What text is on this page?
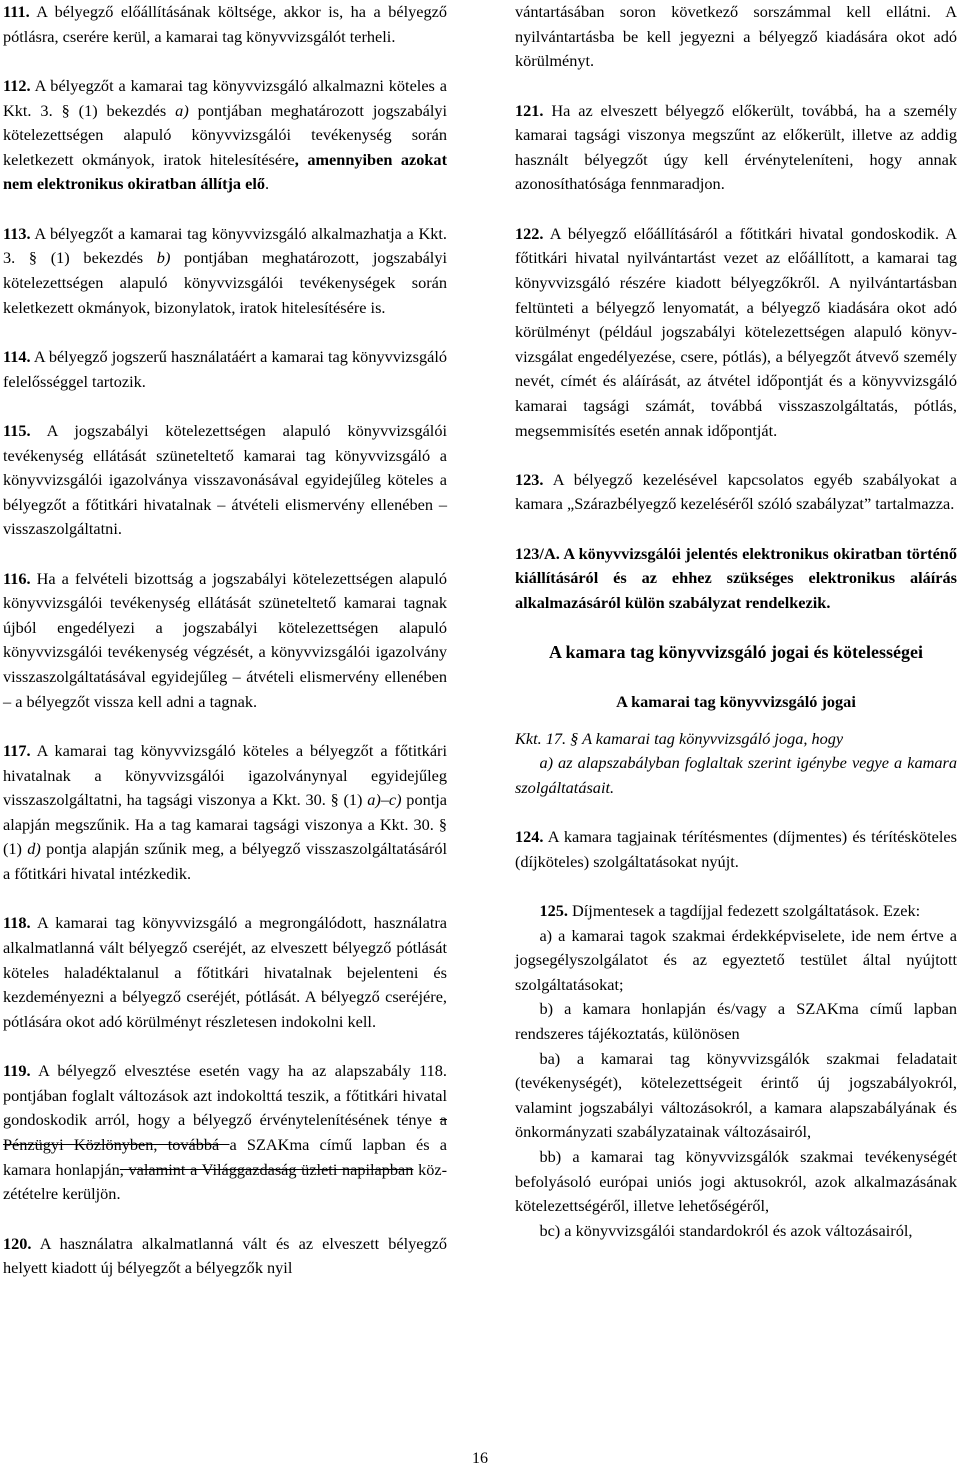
111. A bélyegző előállításának költsége, akkor is, ha a bélyegző pótlásra, cserére kerül, a kamarai tag könyvvizsgálót terheli.

112. A bélyegzőt a kamarai tag könyvvizsgáló alkalmazni köteles a Kkt. 3. § (1) bekezdés a) pontjában meghatározott jogszabályi kötelezettségen alapuló könyvvizsgálói tevékenység során keletkezett okmányok, iratok hitelesítésére, amennyiben azokat nem elektronikus okiratban állítja elő.

113. A bélyegzőt a kamarai tag könyvvizsgáló alkalmazhatja a Kkt. 3. § (1) bekezdés b) pontjában meghatározott, jogszabályi kötelezettségen alapuló könyvvizsgálói tevékenységek során keletkezett okmányok, bizonylatok, iratok hitelesítésére is.

114. A bélyegző jogszerű használatáért a kamarai tag könyvvizsgáló felelősséggel tartozik.

115. A jogszabályi kötelezettségen alapuló könyvvizsgálói tevékenység ellátását szüneteltető kamarai tag könyvvizsgáló a könyvvizsgálói igazolványa visszavonásával egyidejűleg köteles a bélyegzőt a főtitkári hivatalnak – átvételi elismervény ellenében – visszaszolgáltatni.

116. Ha a felvételi bizottság a jogszabályi kötelezettségen alapuló könyvvizsgálói tevékenység ellátását szüneteltető kamarai tagnak újból engedélyezi a jogszabályi kötelezettségen alapuló könyvvizsgálói tevékenység végzését, a könyvvizsgálói igazolvány visszaszolgáltatásával egyidejűleg – átvételi elismervény ellenében – a bélyegzőt vissza kell adni a tagnak.

117. A kamarai tag könyvvizsgáló köteles a bélyegzőt a főtitkári hivatalnak a könyvvizsgálói igazolványnyal egyidejűleg visszaszolgáltatni, ha tagsági viszonya a Kkt. 30. § (1) a)–c) pontja alapján megszűnik. Ha a tag kamarai tagsági viszonya a Kkt. 30. § (1) d) pontja alapján szűnik meg, a bélyegző visszaszolgáltatásáról a főtitkári hivatal intézkedik.

118. A kamarai tag könyvvizsgáló a megrongálódott, használatra alkalmatlanná vált bélyegző cseréjét, az elveszett bélyegző pótlását köteles haladéktalanul a főtitkári hivatalnak bejelenteni és kezdeményezni a bélyegző cseréjét, pótlását. A bélyegző cseréjére, pótlására okot adó körülményt részletesen indokolni kell.

119. A bélyegző elvesztése esetén vagy ha az alapszabály 118. pontjában foglalt változások azt indokolttá teszik, a főtitkári hivatal gondoskodik arról, hogy a bélyegző érvénytelenítésének ténye a Pénzügyi Közlönyben, továbbá a SZAKma című lapban és a kamara honlapján, valamint a Világgazdaság üzleti napilapban közzétételre kerüljön.

120. A használatra alkalmatlanná vált és az elveszett bélyegző helyett kiadott új bélyegzőt a bélyegzők nyil

vántartásában soron következő sorszámmal kell ellátni. A nyilvántartásba be kell jegyezni a bélyegző kiadására okot adó körülményt.

121. Ha az elveszett bélyegző előkerült, továbbá, ha a személy kamarai tagsági viszonya megszűnt az előkerült, illetve az addig használt bélyegzőt úgy kell érvényteleníteni, hogy annak azonosíthatósága fennmaradjon.

122. A bélyegző előállításáról a főtitkári hivatal gondoskodik. A főtitkári hivatal nyilvántartást vezet az előállított, a kamarai tag könyvvizsgáló részére kiadott bélyegzőkről. A nyilvántartásban feltünteti a bélyegző lenyomatát, a bélyegző kiadására okot adó körülményt (például jogszabályi kötelezettségen alapuló könyvvizsgálat engedélyezése, csere, pótlás), a bélyegzőt átvevő személy nevét, címét és aláírását, az átvétel időpontját és a könyvvizsgáló kamarai tagsági számát, továbbá visszaszolgáltatás, pótlás, megsemmisítés esetén annak időpontját.

123. A bélyegző kezelésével kapcsolatos egyéb szabályokat a kamara „Szárazbélyegző kezeléséről szóló szabályzat” tartalmazza.

123/A. A könyvvizsgálói jelentés elektronikus okiratban történő kiállításáról és az ehhez szükséges elektronikus aláírás alkalmazásáról külön szabályzat rendelkezik.

A kamara tag könyvvizsgáló jogai és kötelességei
A kamarai tag könyvvizsgáló jogai

Kkt. 17. § A kamarai tag könyvvizsgáló joga, hogy

a) az alapszabályban foglaltak szerint igénybe vegye a kamara szolgáltatásait.

124. A kamara tagjainak térítésmentes (díjmentes) és térítésköteles (díjköteles) szolgáltatásokat nyújt.

125. Díjmentesek a tagdíjjal fedezett szolgáltatások. Ezek:

a) a kamarai tagok szakmai érdekképviselete, ide nem értve a jogsegélyszolgálatot és az egyeztető testület által nyújtott szolgáltatásokat;

b) a kamara honlapján és/vagy a SZAKma című lapban rendszeres tájékoztatás, különösen

ba) a kamarai tag könyvvizsgálók szakmai feladatait (tevékenységét), kötelezettségeit érintő új jogszabályokról, valamint jogszabályi változásokról, a kamara alapszabályának és önkormányzati szabályzatainak változásairól,

bb) a kamarai tag könyvvizsgálók szakmai tevékenységét befolyásoló európai uniós jogi aktusokról, azok alkalmazásának kötelezettségéről, illetve lehetőségéről,

bc) a könyvvizsgálói standardokról és azok változásairól,

16
